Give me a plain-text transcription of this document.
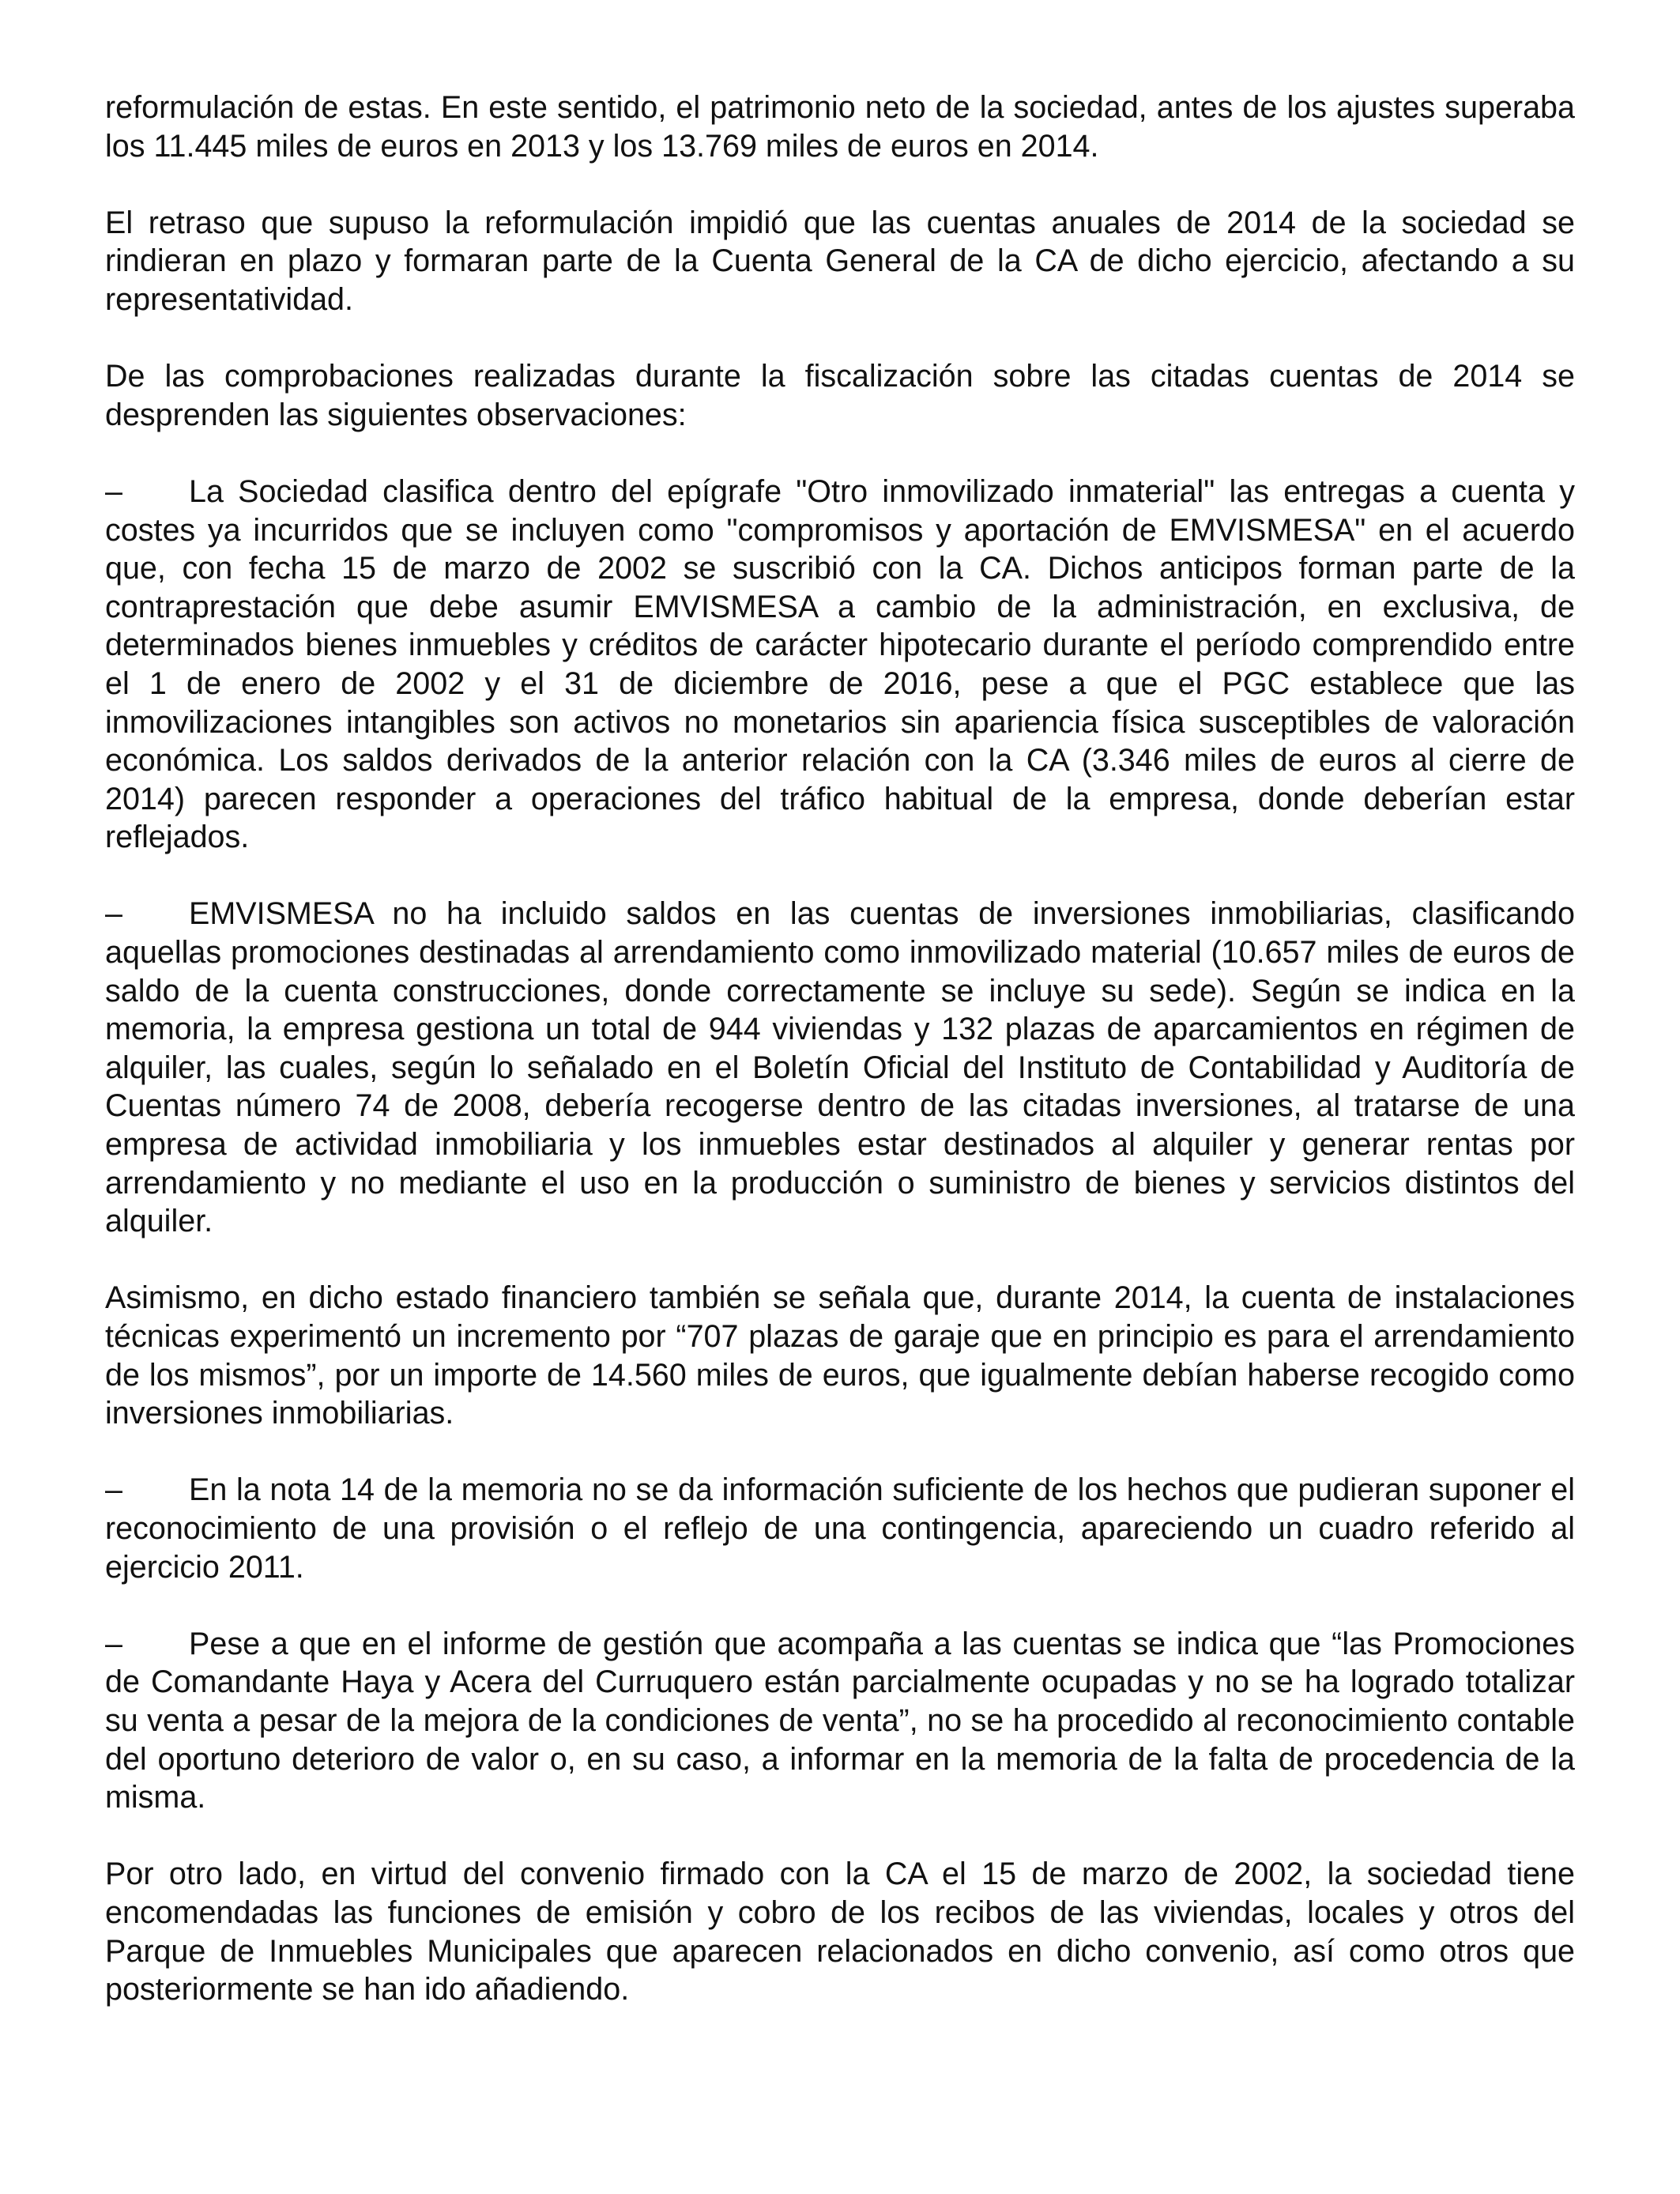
reformulación de estas. En este sentido, el patrimonio neto de la sociedad, antes de los ajustes superaba los 11.445 miles de euros en 2013 y los 13.769 miles de euros en 2014.

El retraso que supuso la reformulación impidió que las cuentas anuales de 2014 de la sociedad se rindieran en plazo y formaran parte de la Cuenta General de la CA de dicho ejercicio, afectando a su representatividad.

De las comprobaciones realizadas durante la fiscalización sobre las citadas cuentas de 2014 se desprenden las siguientes observaciones:

– La Sociedad clasifica dentro del epígrafe "Otro inmovilizado inmaterial" las entregas a cuenta y costes ya incurridos que se incluyen como "compromisos y aportación de EMVISMESA" en el acuerdo que, con fecha 15 de marzo de 2002 se suscribió con la CA. Dichos anticipos forman parte de la contraprestación que debe asumir EMVISMESA a cambio de la administración, en exclusiva, de determinados bienes inmuebles y créditos de carácter hipotecario durante el período comprendido entre el 1 de enero de 2002 y el 31 de diciembre de 2016, pese a que el PGC establece que las inmovilizaciones intangibles son activos no monetarios sin apariencia física susceptibles de valoración económica. Los saldos derivados de la anterior relación con la CA (3.346 miles de euros al cierre de 2014) parecen responder a operaciones del tráfico habitual de la empresa, donde deberían estar reflejados.

– EMVISMESA no ha incluido saldos en las cuentas de inversiones inmobiliarias, clasificando aquellas promociones destinadas al arrendamiento como inmovilizado material (10.657 miles de euros de saldo de la cuenta construcciones, donde correctamente se incluye su sede). Según se indica en la memoria, la empresa gestiona un total de 944 viviendas y 132 plazas de aparcamientos en régimen de alquiler, las cuales, según lo señalado en el Boletín Oficial del Instituto de Contabilidad y Auditoría de Cuentas número 74 de 2008, debería recogerse dentro de las citadas inversiones, al tratarse de una empresa de actividad inmobiliaria y los inmuebles estar destinados al alquiler y generar rentas por arrendamiento y no mediante el uso en la producción o suministro de bienes y servicios distintos del alquiler.

Asimismo, en dicho estado financiero también se señala que, durante 2014, la cuenta de instalaciones técnicas experimentó un incremento por “707 plazas de garaje que en principio es para el arrendamiento de los mismos”, por un importe de 14.560 miles de euros, que igualmente debían haberse recogido como inversiones inmobiliarias.

– En la nota 14 de la memoria no se da información suficiente de los hechos que pudieran suponer el reconocimiento de una provisión o el reflejo de una contingencia, apareciendo un cuadro referido al ejercicio 2011.

– Pese a que en el informe de gestión que acompaña a las cuentas se indica que “las Promociones de Comandante Haya y Acera del Curruquero están parcialmente ocupadas y no se ha logrado totalizar su venta a pesar de la mejora de la condiciones de venta”, no se ha procedido al reconocimiento contable del oportuno deterioro de valor o, en su caso, a informar en la memoria de la falta de procedencia de la misma.

Por otro lado, en virtud del convenio firmado con la CA el 15 de marzo de 2002, la sociedad tiene encomendadas las funciones de emisión y cobro de los recibos de las viviendas, locales y otros del Parque de Inmuebles Municipales que aparecen relacionados en dicho convenio, así como otros que posteriormente se han ido añadiendo.
